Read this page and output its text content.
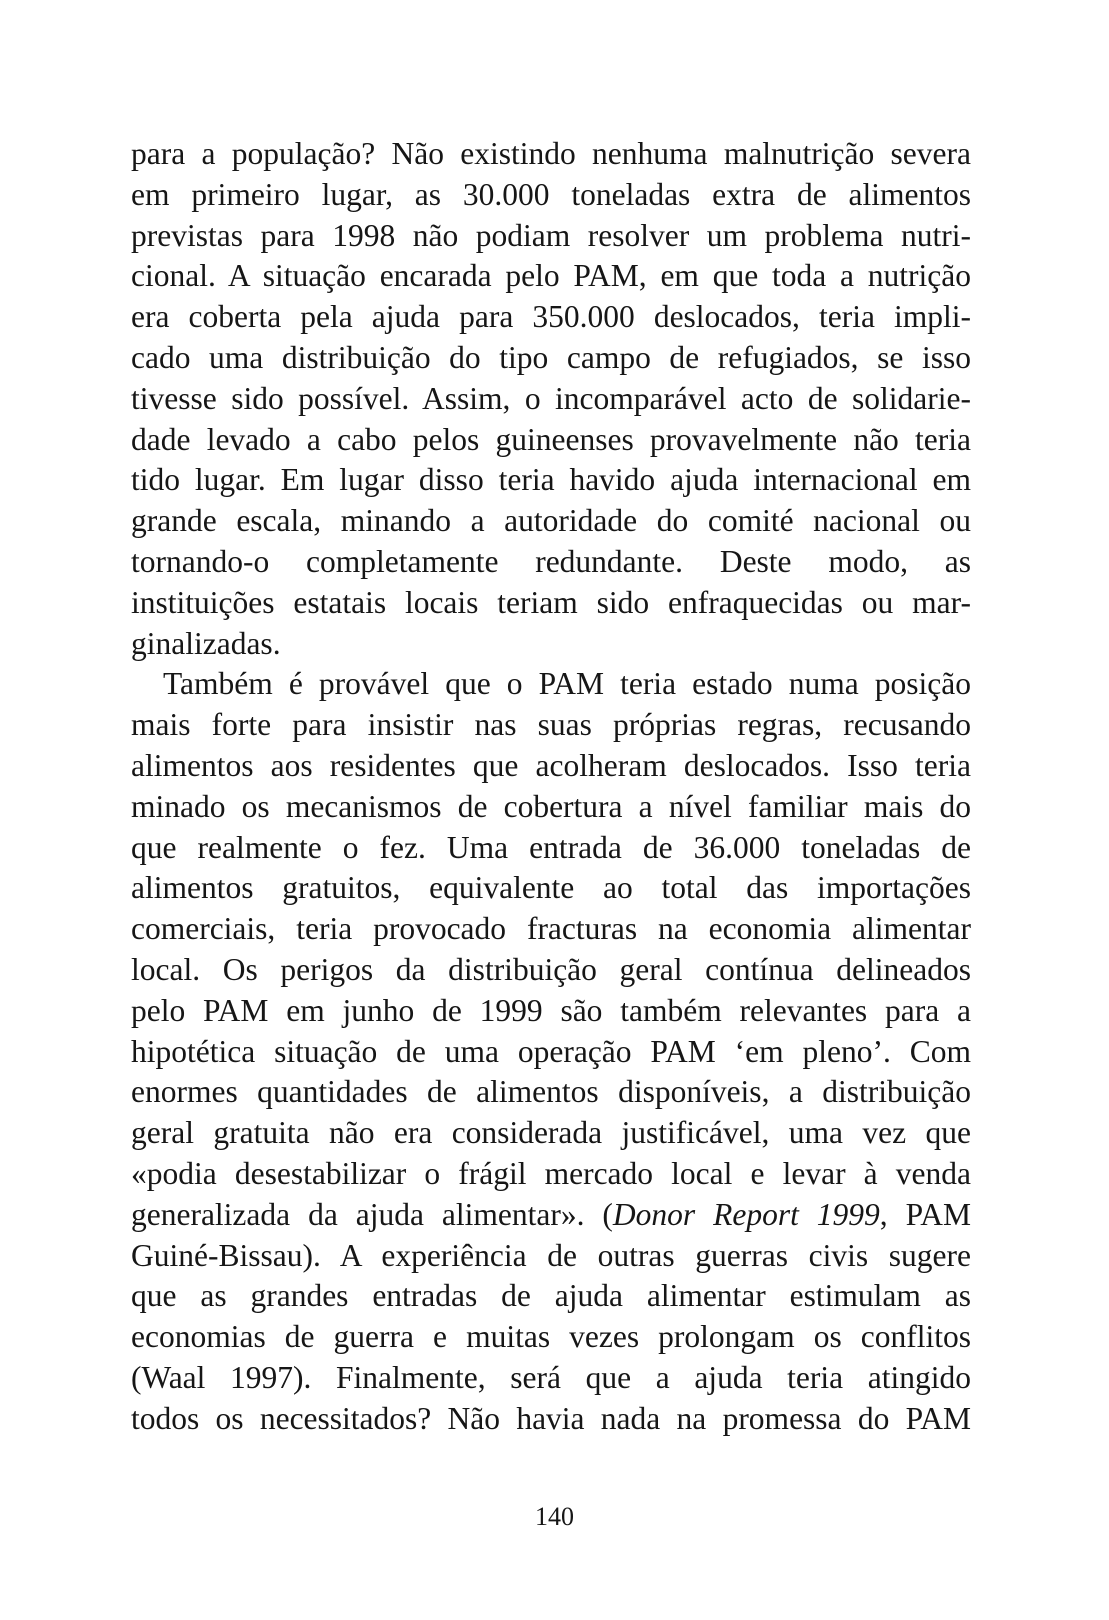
para a população? Não existindo nenhuma malnutrição severa
em primeiro lugar, as 30.000 toneladas extra de alimentos
previstas para 1998 não podiam resolver um problema nutri-
cional. A situação encarada pelo PAM, em que toda a nutrição
era coberta pela ajuda para 350.000 deslocados, teria impli-
cado uma distribuição do tipo campo de refugiados, se isso
tivesse sido possível. Assim, o incomparável acto de solidarie-
dade levado a cabo pelos guineenses provavelmente não teria
tido lugar. Em lugar disso teria havido ajuda internacional em
grande escala, minando a autoridade do comité nacional ou
tornando-o completamente redundante. Deste modo, as
instituições estatais locais teriam sido enfraquecidas ou mar-
ginalizadas.
Também é provável que o PAM teria estado numa posição
mais forte para insistir nas suas próprias regras, recusando
alimentos aos residentes que acolheram deslocados. Isso teria
minado os mecanismos de cobertura a nível familiar mais do
que realmente o fez. Uma entrada de 36.000 toneladas de
alimentos gratuitos, equivalente ao total das importações
comerciais, teria provocado fracturas na economia alimentar
local. Os perigos da distribuição geral contínua delineados
pelo PAM em junho de 1999 são também relevantes para a
hipotética situação de uma operação PAM ‘em pleno’. Com
enormes quantidades de alimentos disponíveis, a distribuição
geral gratuita não era considerada justificável, uma vez que
«podia desestabilizar o frágil mercado local e levar à venda
generalizada da ajuda alimentar». (Donor Report 1999, PAM
Guiné-Bissau). A experiência de outras guerras civis sugere
que as grandes entradas de ajuda alimentar estimulam as
economias de guerra e muitas vezes prolongam os conflitos
(Waal 1997). Finalmente, será que a ajuda teria atingido
todos os necessitados? Não havia nada na promessa do PAM
140
